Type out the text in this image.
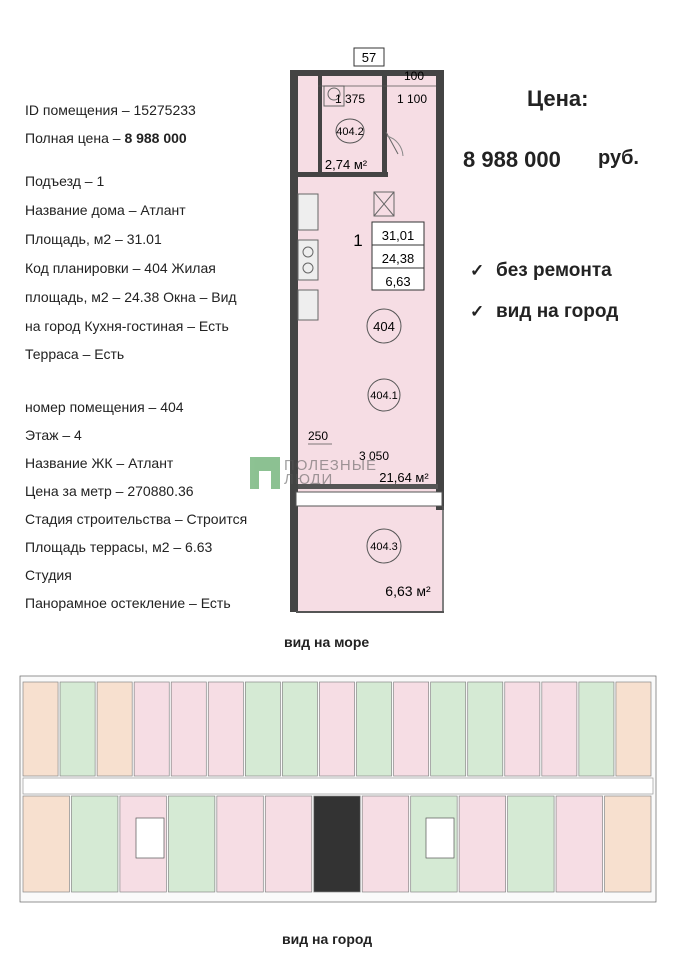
ID помещения – 15275233
Полная цена – 8 988 000
Подъезд – 1
Название дома – Атлант
Площадь, м2 – 31.01
Код планировки – 404 Жилая
площадь, м2 – 24.38 Окна – Вид
на город Кухня-гостиная – Есть
Терраса – Есть
номер помещения – 404
Этаж – 4
Название ЖК – Атлант
Цена за метр – 270880.36
Стадия строительства – Строится
Площадь террасы, м2 – 6.63
Студия
Панорамное остекление – Есть
Цена:
8 988 000 руб.
✓ без ремонта
✓ вид на город
57
100
1 375	1 100
404.2
2,74 м²
1 31,01
24,38
6,63
404
404.1
250
3 050
21,64 м²
404.3
6,63 м²
ПОЛЕЗНЫЕ
ЛЮДИ
вид на море
вид на город
